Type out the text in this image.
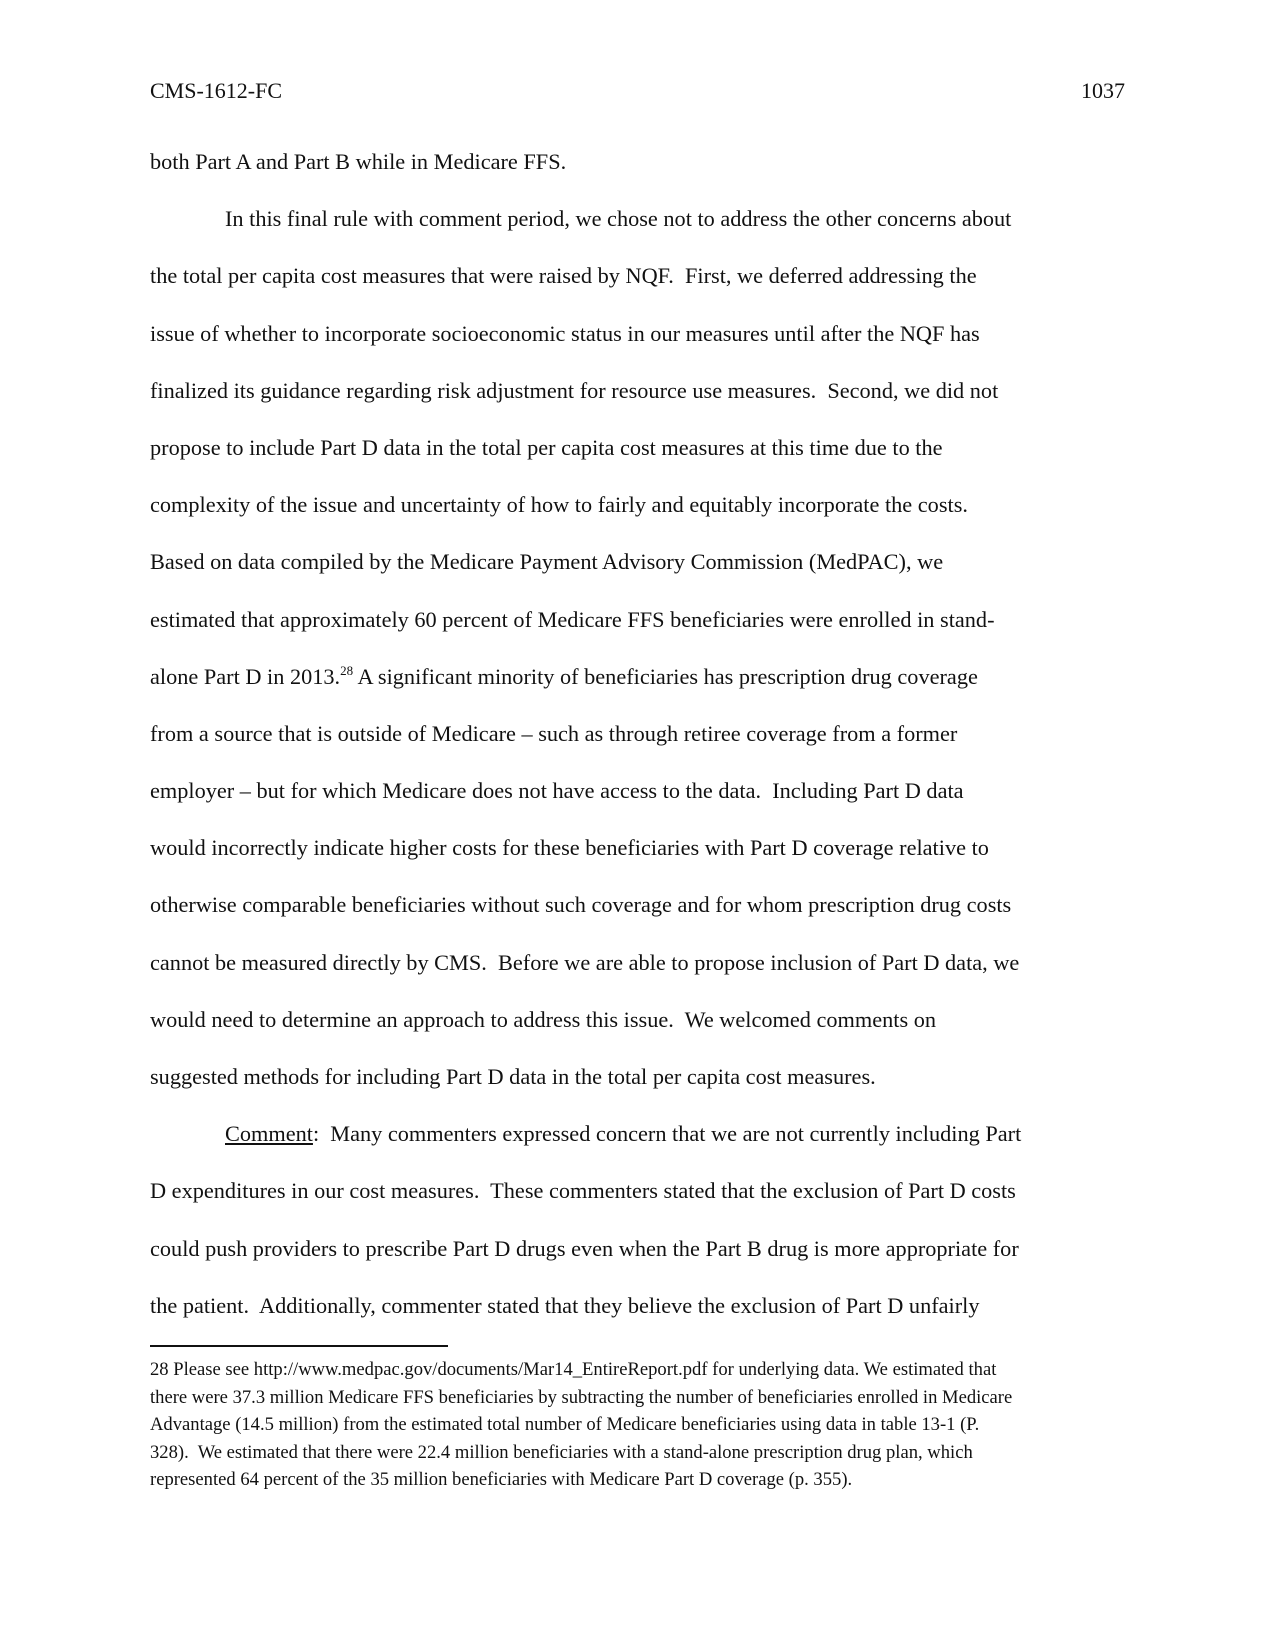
CMS-1612-FC	1037
both Part A and Part B while in Medicare FFS.
In this final rule with comment period, we chose not to address the other concerns about
the total per capita cost measures that were raised by NQF.  First, we deferred addressing the
issue of whether to incorporate socioeconomic status in our measures until after the NQF has
finalized its guidance regarding risk adjustment for resource use measures.  Second, we did not
propose to include Part D data in the total per capita cost measures at this time due to the
complexity of the issue and uncertainty of how to fairly and equitably incorporate the costs.
Based on data compiled by the Medicare Payment Advisory Commission (MedPAC), we
estimated that approximately 60 percent of Medicare FFS beneficiaries were enrolled in stand-
alone Part D in 2013.28 A significant minority of beneficiaries has prescription drug coverage
from a source that is outside of Medicare – such as through retiree coverage from a former
employer – but for which Medicare does not have access to the data.  Including Part D data
would incorrectly indicate higher costs for these beneficiaries with Part D coverage relative to
otherwise comparable beneficiaries without such coverage and for whom prescription drug costs
cannot be measured directly by CMS.  Before we are able to propose inclusion of Part D data, we
would need to determine an approach to address this issue.  We welcomed comments on
suggested methods for including Part D data in the total per capita cost measures.
Comment:  Many commenters expressed concern that we are not currently including Part
D expenditures in our cost measures.  These commenters stated that the exclusion of Part D costs
could push providers to prescribe Part D drugs even when the Part B drug is more appropriate for
the patient.  Additionally, commenter stated that they believe the exclusion of Part D unfairly
28 Please see http://www.medpac.gov/documents/Mar14_EntireReport.pdf for underlying data. We estimated that
there were 37.3 million Medicare FFS beneficiaries by subtracting the number of beneficiaries enrolled in Medicare
Advantage (14.5 million) from the estimated total number of Medicare beneficiaries using data in table 13-1 (P.
328).  We estimated that there were 22.4 million beneficiaries with a stand-alone prescription drug plan, which
represented 64 percent of the 35 million beneficiaries with Medicare Part D coverage (p. 355).
